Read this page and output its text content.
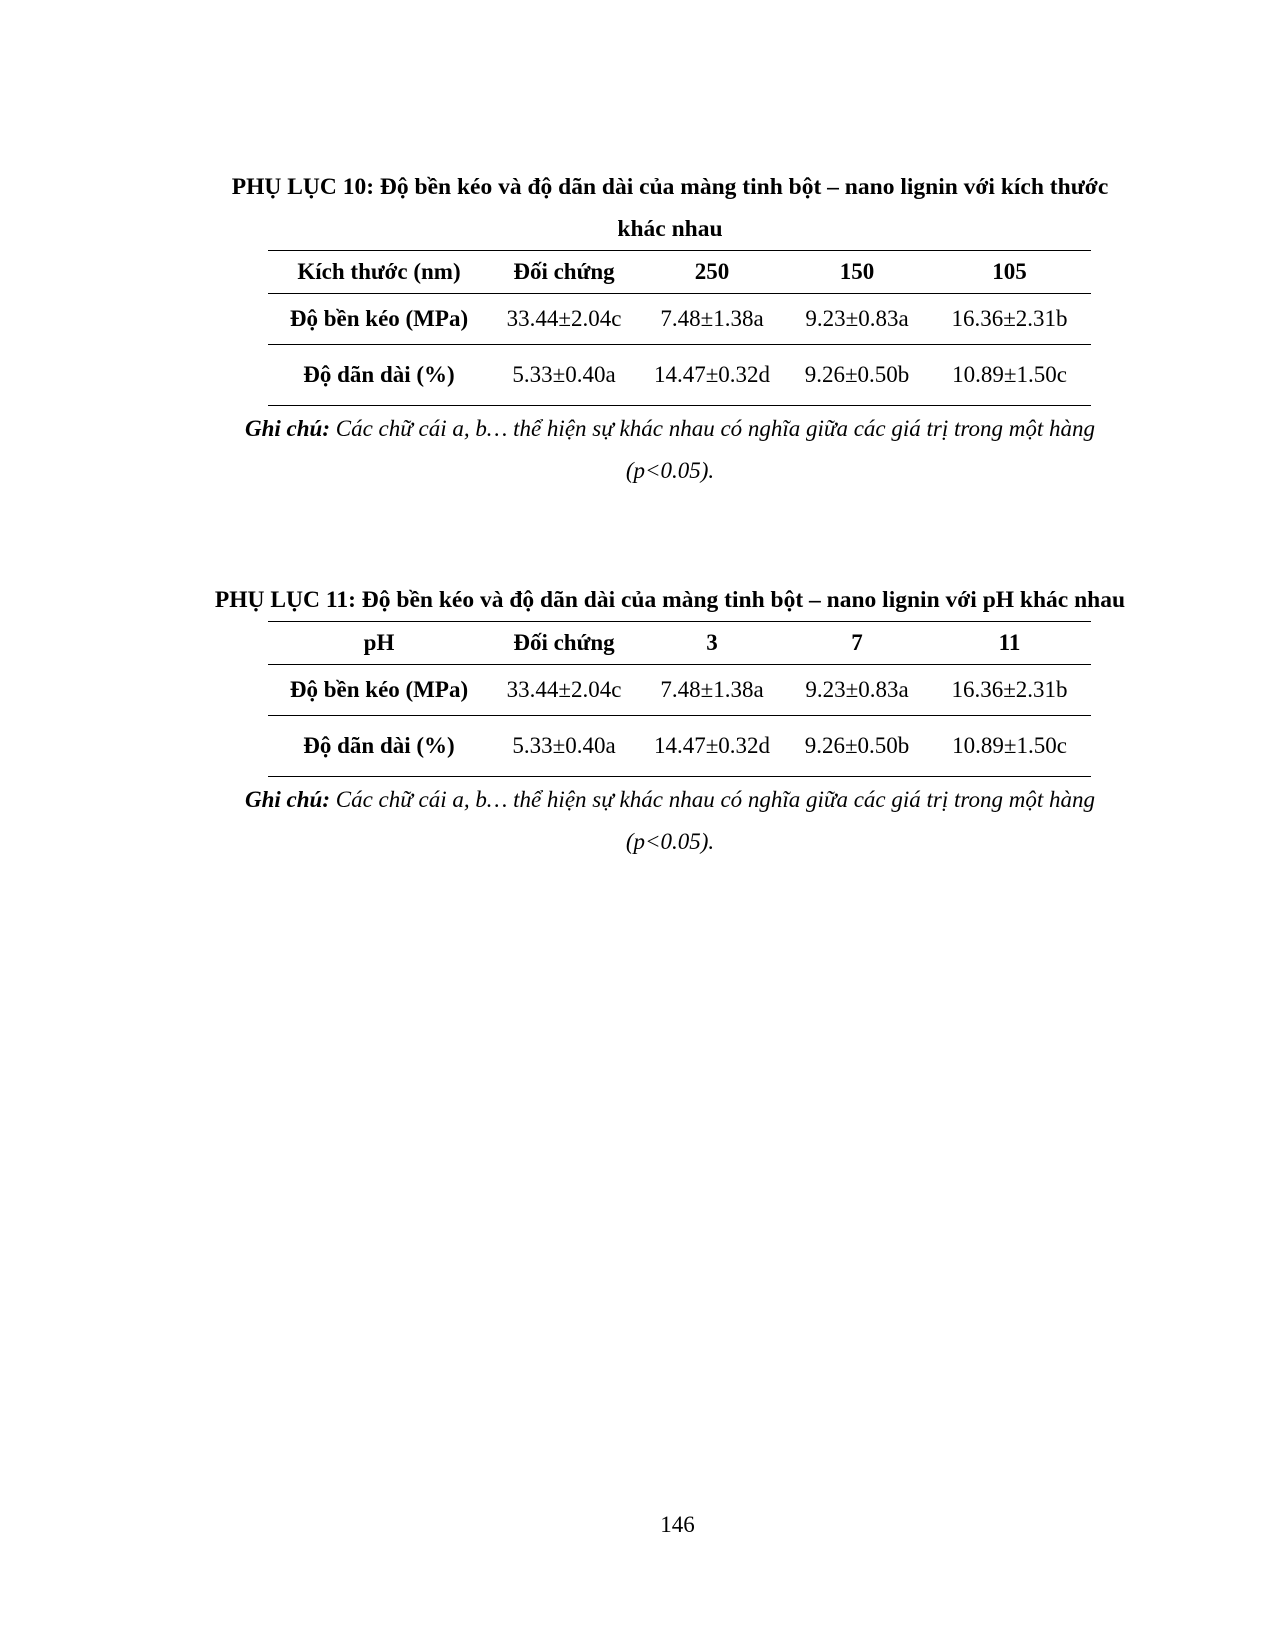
PHỤ LỤC 10: Độ bền kéo và độ dãn dài của màng tinh bột – nano lignin với kích thước khác nhau
Kích thước (nm)	Đối chứng	250	150	105
Độ bền kéo (MPa)	33.44±2.04c	7.48±1.38a	9.23±0.83a	16.36±2.31b
Độ dãn dài (%)	5.33±0.40a	14.47±0.32d	9.26±0.50b	10.89±1.50c
Ghi chú: Các chữ cái a, b… thể hiện sự khác nhau có nghĩa giữa các giá trị trong một hàng (p<0.05).
PHỤ LỤC 11: Độ bền kéo và độ dãn dài của màng tinh bột – nano lignin với pH khác nhau
pH	Đối chứng	3	7	11
Độ bền kéo (MPa)	33.44±2.04c	7.48±1.38a	9.23±0.83a	16.36±2.31b
Độ dãn dài (%)	5.33±0.40a	14.47±0.32d	9.26±0.50b	10.89±1.50c
Ghi chú: Các chữ cái a, b… thể hiện sự khác nhau có nghĩa giữa các giá trị trong một hàng (p<0.05).
146
